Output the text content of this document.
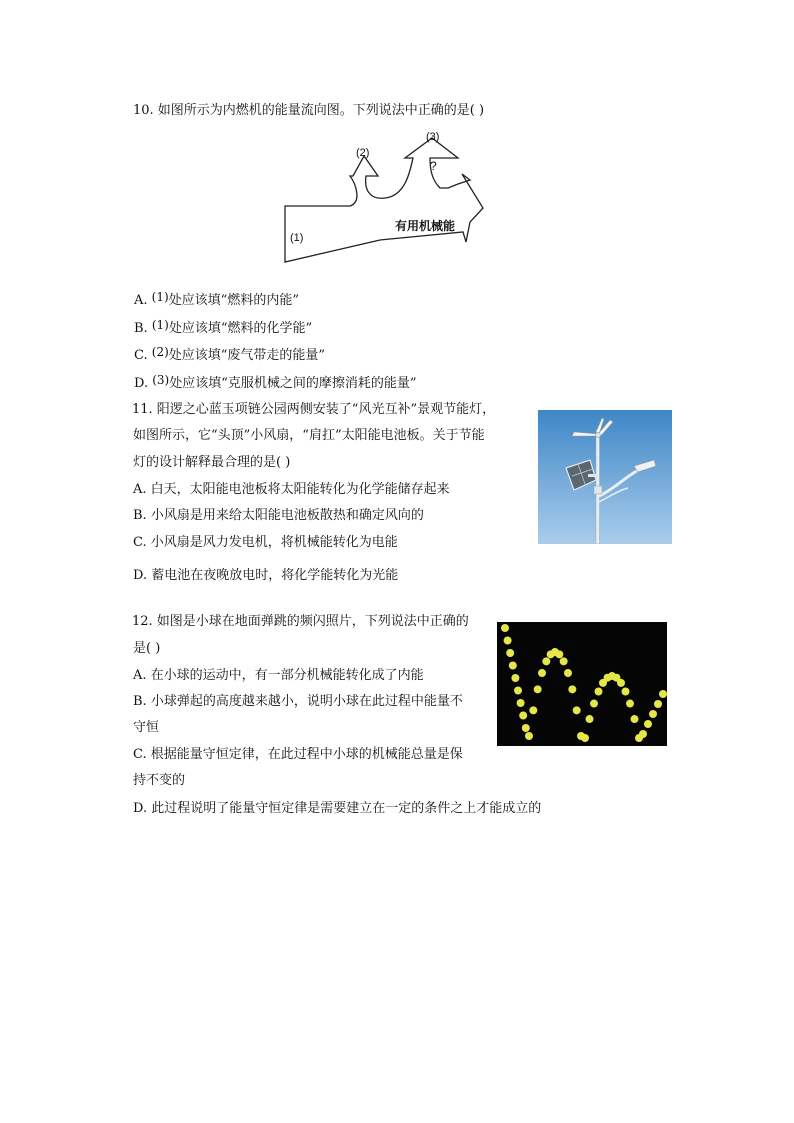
10. 如图所示为内燃机的能量流向图。下列说法中正确的是( )
(2)
(3)
?
有用机械能
(1)
A. (1)处应该填“燃料的内能”
B. (1)处应该填“燃料的化学能”
C. (2)处应该填“废气带走的能量”
D. (3)处应该填“克服机械之间的摩擦消耗的能量”
11. 阳逻之心蓝玉项链公园两侧安装了“风光互补”景观节能灯，
如图所示，它“头顶”小风扇，“肩扛”太阳能电池板。关于节能
灯的设计解释最合理的是( )
A. 白天，太阳能电池板将太阳能转化为化学能储存起来
B. 小风扇是用来给太阳能电池板散热和确定风向的
C. 小风扇是风力发电机，将机械能转化为电能
D. 蓄电池在夜晚放电时，将化学能转化为光能
12. 如图是小球在地面弹跳的频闪照片，下列说法中正确的
是( )
A. 在小球的运动中，有一部分机械能转化成了内能
B. 小球弹起的高度越来越小，说明小球在此过程中能量不
守恒
C. 根据能量守恒定律，在此过程中小球的机械能总量是保
持不变的
D. 此过程说明了能量守恒定律是需要建立在一定的条件之上才能成立的
